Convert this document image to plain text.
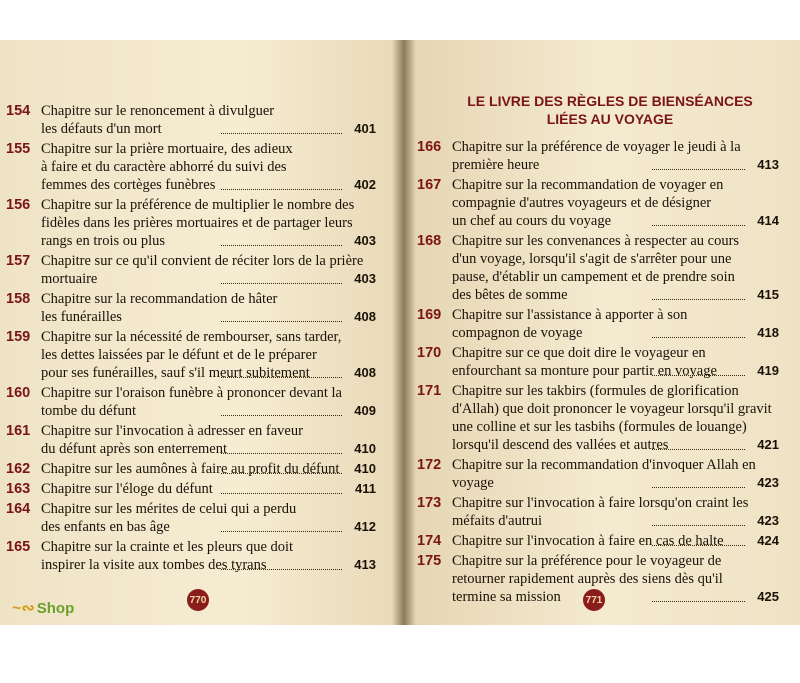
154 Chapitre sur le renoncement à divulguer
les défauts d'un mort	401
155 Chapitre sur la prière mortuaire, des adieux
à faire et du caractère abhorré du suivi des
femmes des cortèges funèbres	402
156 Chapitre sur la préférence de multiplier le nombre des
fidèles dans les prières mortuaires et de partager leurs
rangs en trois ou plus	403
157 Chapitre sur ce qu'il convient de réciter lors de la prière
mortuaire	403
158 Chapitre sur la recommandation de hâter
les funérailles	408
159 Chapitre sur la nécessité de rembourser, sans tarder,
les dettes laissées par le défunt et de le préparer
pour ses funérailles, sauf s'il meurt subitement	408
160 Chapitre sur l'oraison funèbre à prononcer devant la
tombe du défunt	409
161 Chapitre sur l'invocation à adresser en faveur
du défunt après son enterrement	410
162 Chapitre sur les aumônes à faire au profit du défunt	410
163 Chapitre sur l'éloge du défunt	411
164 Chapitre sur les mérites de celui qui a perdu
des enfants en bas âge	412
165 Chapitre sur la crainte et les pleurs que doit
inspirer la visite aux tombes des tyrans	413
LE LIVRE DES RÈGLES DE BIENSÉANCES
LIÉES AU VOYAGE
166 Chapitre sur la préférence de voyager le jeudi à la
première heure	413
167 Chapitre sur la recommandation de voyager en
compagnie d'autres voyageurs et de désigner
un chef au cours du voyage	414
168 Chapitre sur les convenances à respecter au cours
d'un voyage, lorsqu'il s'agit de s'arrêter pour une
pause, d'établir un campement et de prendre soin
des bêtes de somme	415
169 Chapitre sur l'assistance à apporter à son
compagnon de voyage	418
170 Chapitre sur ce que doit dire le voyageur en
enfourchant sa monture pour partir en voyage	419
171 Chapitre sur les takbirs (formules de glorification
d'Allah) que doit prononcer le voyageur lorsqu'il gravit
une colline et sur les tasbihs (formules de louange)
lorsqu'il descend des vallées et autres	421
172 Chapitre sur la recommandation d'invoquer Allah en
voyage	423
173 Chapitre sur l'invocation à faire lorsqu'on craint les
méfaits d'autrui	423
174 Chapitre sur l'invocation à faire en cas de halte	424
175 Chapitre sur la préférence pour le voyageur de
retourner rapidement auprès des siens dès qu'il
termine sa mission	425
770	771
~∾ Shop
